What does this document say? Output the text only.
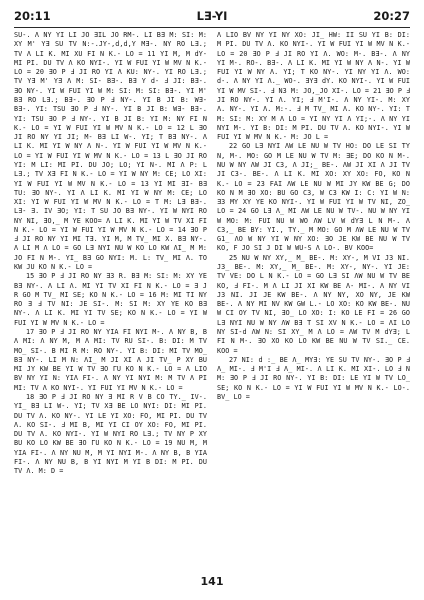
20:11	LƎ-YI	20:27

SU-. Λ NY YI LI JO ƎIL JO RM-. LI BƎ M: SI: M: XY M' YƎ SU TV N:-.JY-,d,d,Y MƎ-. NY RO LƎ.; TV Λ LI K. MI XU FI N K.- LO = 11 YI M, M dY- MI PI. DU TV Λ KO NYI-. YI W FUI YI W MV N K.- LO = 20 ƎO P Ⅎ JI RO YI Λ KU: NY-. YI RO LƎ.; TV YƎ M' YƎ Λ M: SI- BƎ-. BƎ Y d- Ⅎ JI: BƎ-. ƎO NY-. YI W FUI YI W M: SI: M: SI: BƎ-. YI M' BƎ RO LƎ.; BƎ-. ƎO P Ⅎ NY-. YI B JI B: WƎ- BƎ-. YI: TSU ƎO P Ⅎ NY-. YI B JI B: WƎ- BƎ-. YI: TSU ƎO P Ⅎ NY-. YI B JI B: YI M: NY FI N K.- LO = YI W FUI YI W MV N K.- LO = 12 L ƎO JI RO NY YI JI; M- BƎ LI W-. YI; T BƎ NY-. Λ LI K. MI YI W NY Λ N-. YI W FUI YI W MV N K.- LO = YI W FUI YI W MV N K.- LO = 13 L ƎO JI RO YI: M LI: MI PI. DU JO; LO; YI N-. MI Λ P: L LƎ.; TV XƎ FI N K.- LO = YI W NY M: CE; LO XI: YI W FUI YI W MV N K.- LO = 13 YI MI ƎI- BƎ TU: ƎO NY-. YI Λ LI K. MI YI W NY M: CE; LO XI: YI W FUI YI W MV N K.- LO = T M: LƎ BƎ-. LƎ- Ǝ. IV ƎO; YI: T SU JO BƎ NY-. YI W NYI RO NY NI, ƎO,_ M YE KOO= Λ LI K. MI YI W TV XI FI N K.- LO = YI W FUI YI W MV N K.- LO = 14 ƎO P Ⅎ JI RO NY YI MI TƎ. YI M, M TV_ MI X. BƎ NY-. Λ LI M Λ LO = GO LƎ NYI NU W KO LO KW ΛI_ M M: JO FI N M-. YI_ BƎ GO NYI: M. L: TV_ MI Λ. TO KW JU KO N K.- LO =

15 ƎO P Ⅎ JI RO NY Ǝ3 R. BƎ M: SI: M: XY YE BƎ NY-. Λ LI Λ. MI YI TV XI FI N K.- LO = Ǝ J R GO M TV_ MI SE; KO N K.- LO = 16 M: MI TI NY RO Ǝ Ⅎ TV NI: JE SI-. M: SI M: XY YE KO BƎ NY-. Λ LI K. MI YI TV SE; KO N K.- LO = YI W FUI YI W MV N K.- LO =

17 ƎO P Ⅎ JI RO NY YIA FI NYI M-. Λ NY B, B Λ MI: Λ NY M, M Λ MI: TV RU SI-. B: DI: M TV MO_ SI-. B MI R M: RO NY-. YI B: DI: MI TV MO_ BƎ NY-. LI M N: ΛI_ M JI XI Λ JI TV_ P XY BU MI JY KW BE YI W TV ƎO ΓU KO N K.- LO = Λ LIO BV NY YI N: YIΛ FI-. Λ NY YI NYI M: M TV Λ PI MI: TV Λ KO NYI-. YI FUI YI MV N K.- LO =

18 ƎO P Ⅎ JI RO NY Ǝ MI R V B CO TY._ IV-. YI_ BƎ LI W-. YI; TV XƎ BE LO NYI: DI: MI PI. DU TV Λ. KO NY-. YI LE YI XO: FO, MI PI. DU TV Λ. KO SI-. Ⅎ MI B, MI YI CI OY XO: FO, MI PI. DU TV Λ. KO NYI-. YI W NYI RO LƎ.; TV NY P XY BU KO LO KW BE ƎO ΓU KO N K.- LO = 19 NU M, M YIA FI-. Λ NY NU M, M YI NYI M-. Λ NY B, B YIA FI-. Λ NY NU B, B YI NYI M YI B DI: M PI. DU TV Λ. M: D =

Λ LIO BV NY YI NY XO: JI_ HW: II SU YI B: DI: M PI. DU TV Λ. KO NYI-. YI W FUI YI W MV N K.- LO = 20 ƎO P Ⅎ JI RO YI Λ. WO: M-. BƎ-. Λ NY YI M-. RO-. BƎ-. Λ LI K. MI YI W NY Λ N-. YI W FUI YI W NY Λ. YI; T KO NY-. YI NY YI Λ. WO: d-. Λ NY YI Λ._ WO-. ƎYƎ dY. KO NYI-. YI W FUI YI W MV SI-. Ⅎ N3 M: JO,_JO XI-. LO = 21 ƎO P Ⅎ JI RO NY-. YI Λ. YI; Ⅎ M'I-. Λ NY YI-. M: XY Λ. NY-. YI Λ. M:-. Ⅎ M TV_ MI Λ. KO NY-. YI: T M: SI: M: XY M Λ LO = YI NY YI Λ YI;-. Λ NY YI NYI M-. YI B: DI: M PI. DU TV Λ. KO NYI-. YI W FUI YI W MV N K.- M: JO L =

22 GO LƎ NYI ΛW LE NU W TV HO: DO LE SI TY N, M-. MO: GO M LE NU W TV M: ƎE; DO KO N M-. NU W NY ΛW JI C3, Λ JI;_ BE-. ΛW JI XI Λ JI TV JI C3-. BE-. Λ LI K. MI XO: XY XO: FO, KO N K.- LO = 23 FAI ΛW LE NU W MI JY KW BE G; DO KO N M ƎO XO: BU GO C3, W C3 KW I: C: YI W N: Ǝ3 MY XY YE KO NYI-. YI W FUI YI W TV NI, ZO_ LO = 24 GO LƎ Λ_ MI ΛW LE NU W TV-. NU W NY YI W MO: M: FUI NU W WO ΛW LV W dYƎ L N M-. Λ C3,_ BE BY: YI., TY._ M MO: GO M ΛW LE NU W TV G1_ ΛO W NY YI W NY XO: ƎO JE KW BE NU W TV KO, F JO SI J DI W WU-S Λ LO-. BV KOO=

25 NU W NY XY,_ M_ BE-. M: XY-, M VI J3 NI. J3_ BE-. M: XY,_ M_ BE-. M: XY-, NY-. YI JE: TV VE: DO L N K.- LO = GO LƎ SI ΛW NU W TV BE KO, Ⅎ FI-. M Λ LI JI XI KW BE Λ- MI-. Λ NY VI J3 NI. JI JE KW BE-. Λ NY NY, XO NY, JE KW BE-. Λ NY MI NV KW GW L.- LO XO: KO KW BE-. NU W CI OY TV NI, ƎO_ LO XO: I: KO LE FI = 26 GO LƎ NYI NU W NY ΛW BƎ T SI XV N K.- LO = ΛI LO NY SI-d ΛW N: SI XY_ M Λ LO = ΛW TV M dYƎ; L FI N M-. ƎO XO KO LO KW BE NU W TV SI._ CE. KOO =

27 NI: d :_ BE Λ_ MYƎ: YE SU TV NY-. ƎO P Ⅎ Λ_ MI-. Ⅎ M'I Ⅎ Λ_ MI-. Λ LI K. MI XI-. LO Ⅎ N M: ƎO P Ⅎ JI RO NY-. YI B: DI: LE YI W TV LO_ SE; KO N K.- LO = YI W FUI YI W MV N K.- LO-. BV_ LO =

141
